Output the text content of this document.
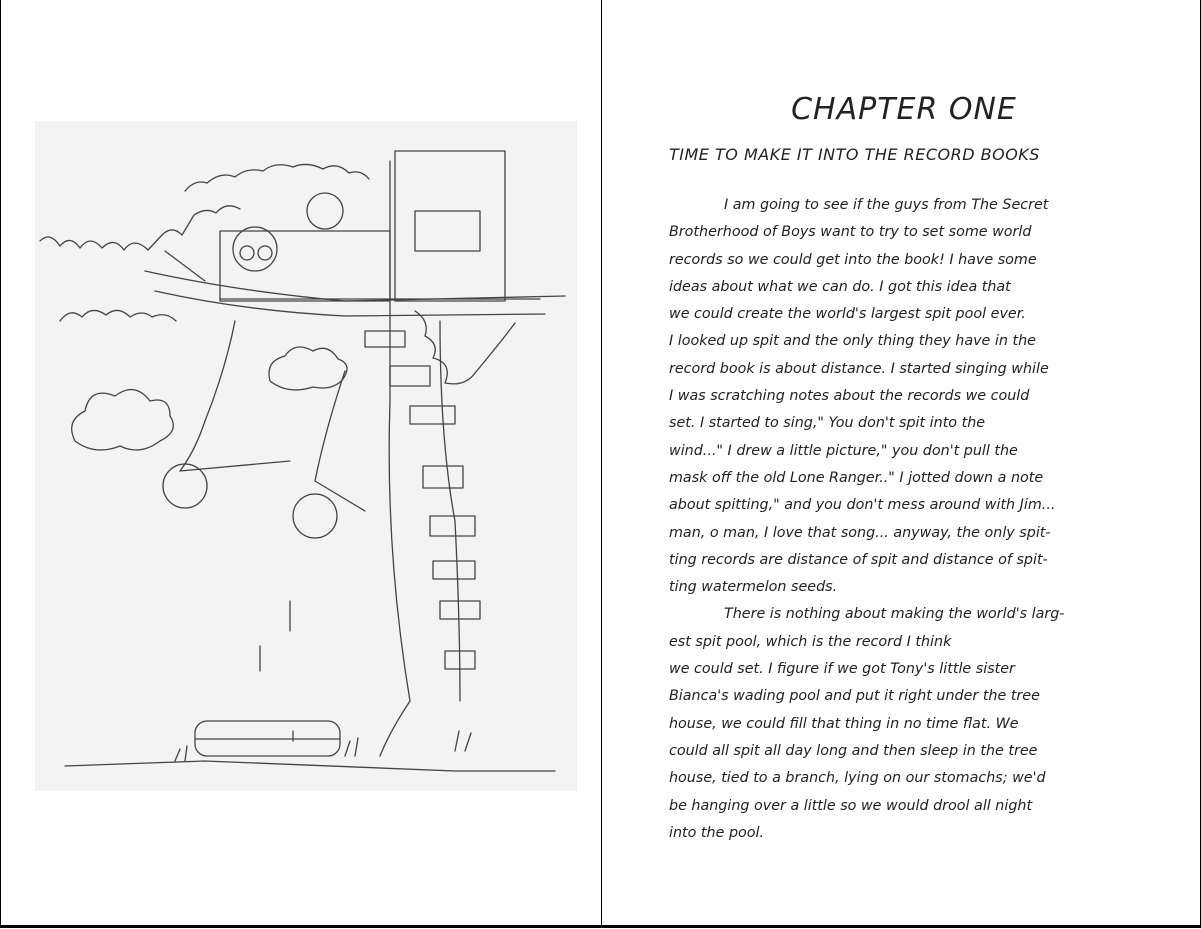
CHAPTER ONE
TIME TO MAKE IT INTO THE RECORD BOOKS
I am going to see if the guys from The Secret
Brotherhood of Boys want to try to set some world
records so we could get into the book! I have some
ideas about what we can do. I got this idea that
we could create the world's largest spit pool ever.
I looked up spit and the only thing they have in the
record book is about distance. I started singing while
I was scratching notes about the records we could
set. I started to sing," You don't spit into the
wind..." I drew a little picture," you don't pull the
mask off the old Lone Ranger.." I jotted down a note
about spitting," and you don't mess around with Jim...
man, o man, I love that song... anyway, the only spit-
ting records are distance of spit and distance of spit-
ting watermelon seeds.
There is nothing about making the world's larg-
est spit pool, which is the record I think
we could set. I figure if we got Tony's little sister
Bianca's wading pool and put it right under the tree
house, we could fill that thing in no time flat. We
could all spit all day long and then sleep in the tree
house, tied to a branch, lying on our stomachs; we'd
be hanging over a little so we would drool all night
into the pool.
